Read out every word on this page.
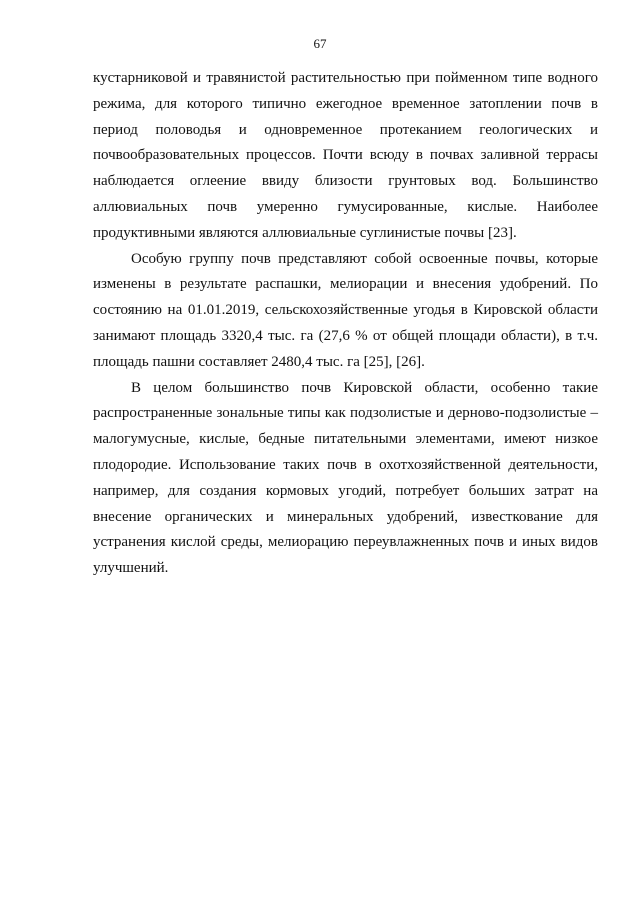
67

кустарниковой и травянистой растительностью при пойменном типе водного режима, для которого типично ежегодное временное затоплении почв в период половодья и одновременное протеканием геологических и почвообразовательных процессов. Почти всюду в почвах заливной террасы наблюдается оглеение ввиду близости грунтовых вод. Большинство аллювиальных почв умеренно гумусированные, кислые. Наиболее продуктивными являются аллювиальные суглинистые почвы [23].

Особую группу почв представляют собой освоенные почвы, которые изменены в результате распашки, мелиорации и внесения удобрений. По состоянию на 01.01.2019, сельскохозяйственные угодья в Кировской области занимают площадь 3320,4 тыс. га (27,6 % от общей площади области), в т.ч. площадь пашни составляет 2480,4 тыс. га [25], [26].

В целом большинство почв Кировской области, особенно такие распространенные зональные типы как подзолистые и дерново-подзолистые – малогумусные, кислые, бедные питательными элементами, имеют низкое плодородие. Использование таких почв в охотхозяйственной деятельности, например, для создания кормовых угодий, потребует больших затрат на внесение органических и минеральных удобрений, известкование для устранения кислой среды, мелиорацию переувлажненных почв и иных видов улучшений.
